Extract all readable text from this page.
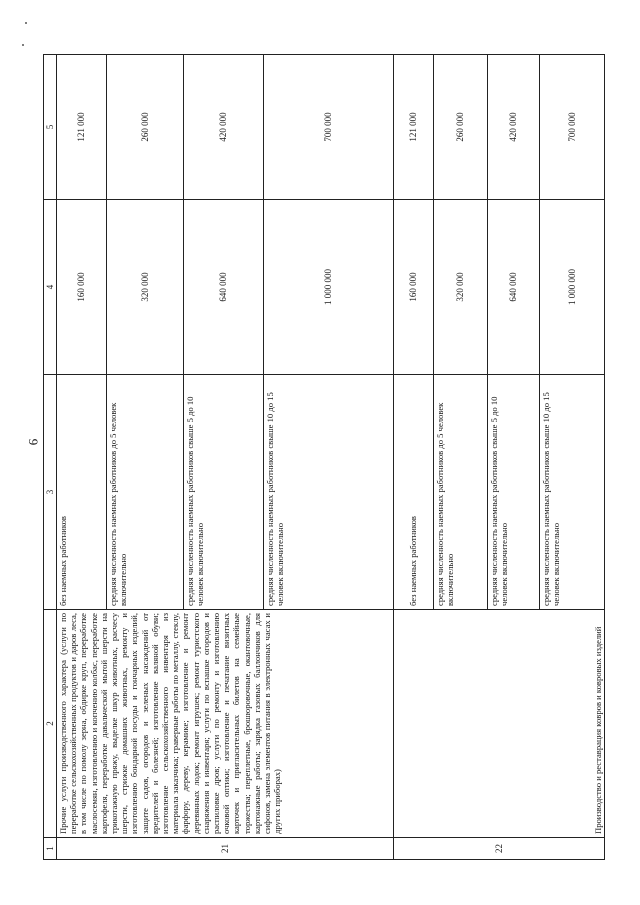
9
1	2	3	4	5
21	Прочие услуги производственного характера (услуги по переработке сельскохозяйственных продуктов и даров леса, в том числе по помолу зерна, обдирке круп, переработке маслосемян, изготовлению и копчению колбас, переработке картофеля, переработке давальческой мытой шерсти на трикотажную пряжу, выделке шкур животных, расчесу шерсти, стрижке домашних животных, ремонту и изготовлению бондарной посуды и гончарных изделий, защите садов, огородов и зеленых насаждений от вредителей и болезней; изготовление валяной обуви; изготовление сельскохозяйственного инвентаря из материала заказчика; граверные работы по металлу, стеклу, фарфору, дереву, керамике; изготовление и ремонт деревянных лодок; ремонт игрушек; ремонт туристского снаряжения и инвентаря; услуги по вспашке огородов и распиловке дров; услуги по ремонту и изготовлению очковой оптики; изготовление и печатание визитных карточек и пригласительных билетов на семейные торжества; переплетные, брошюровочные, окантовочные, картонажные работы; зарядка газовых баллончиков для сифонов, замена элементов питания в электронных часах и других приборах)	без наемных работников	160 000	121 000
		средняя численность наемных работников до 5 человек включительно	320 000	260 000
		средняя численность наемных работников свыше 5 до 10 человек включительно	640 000	420 000
		средняя численность наемных работников свыше 10 до 15 человек включительно	1 000 000	700 000
22	Производство и реставрация ковров и ковровых изделий	без наемных работников	160 000	121 000
		средняя численность наемных работников до 5 человек включительно	320 000	260 000
		средняя численность наемных работников свыше 5 до 10 человек включительно	640 000	420 000
		средняя численность наемных работников свыше 10 до 15 человек включительно	1 000 000	700 000
